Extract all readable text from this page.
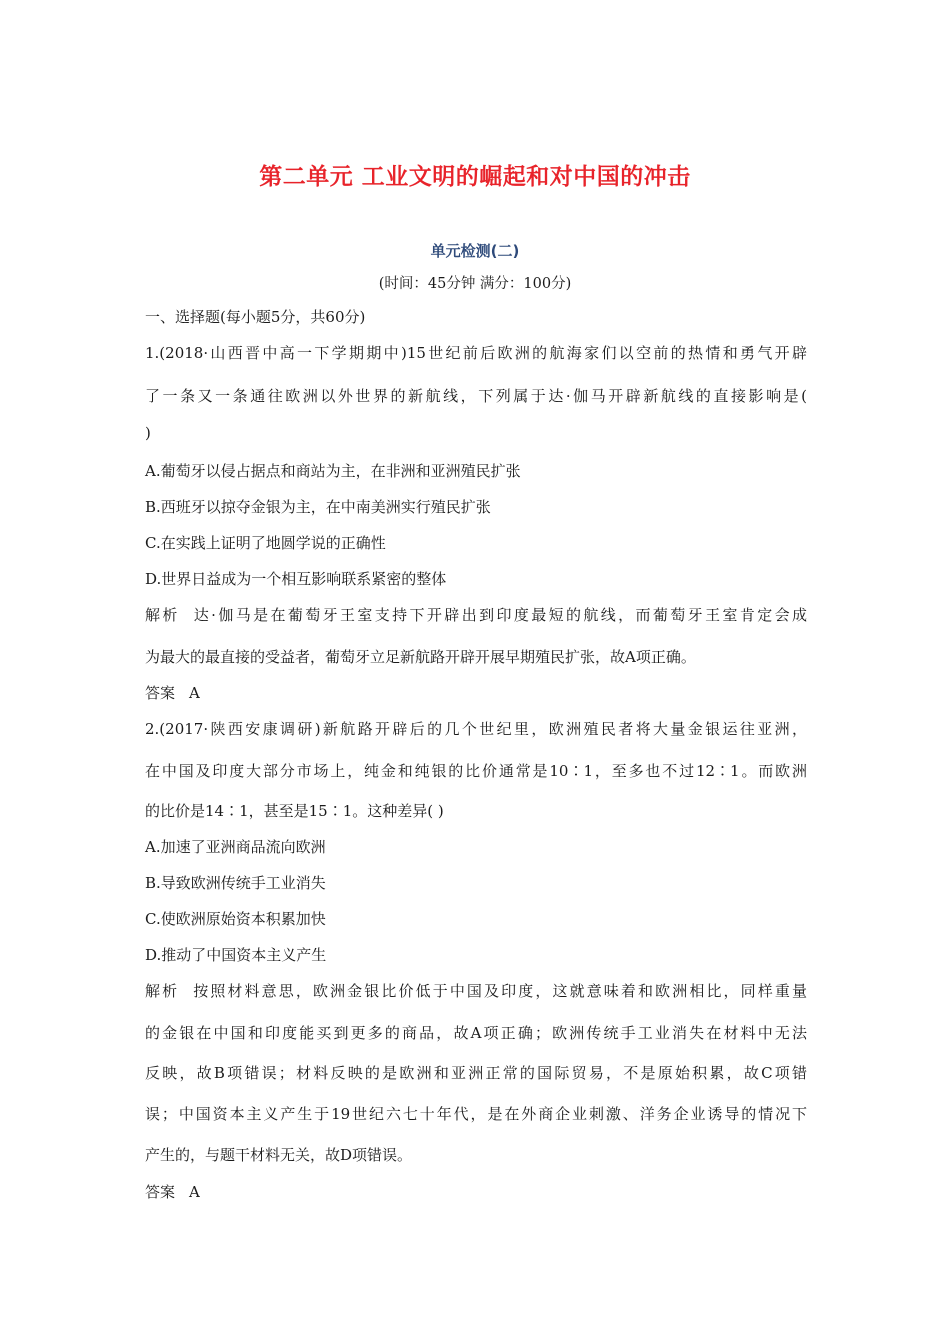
第二单元 工业文明的崛起和对中国的冲击
单元检测(二)
(时间：45分钟 满分：100分)
一、选择题(每小题5分，共60分)
1.(2018·山西晋中高一下学期期中)15世纪前后欧洲的航海家们以空前的热情和勇气开辟
了一条又一条通往欧洲以外世界的新航线，下列属于达·伽马开辟新航线的直接影响是(
)
A.葡萄牙以侵占据点和商站为主，在非洲和亚洲殖民扩张
B.西班牙以掠夺金银为主，在中南美洲实行殖民扩张
C.在实践上证明了地圆学说的正确性
D.世界日益成为一个相互影响联系紧密的整体
解析 达·伽马是在葡萄牙王室支持下开辟出到印度最短的航线，而葡萄牙王室肯定会成
为最大的最直接的受益者，葡萄牙立足新航路开辟开展早期殖民扩张，故A项正确。
答案 A
2.(2017·陕西安康调研)新航路开辟后的几个世纪里，欧洲殖民者将大量金银运往亚洲，
在中国及印度大部分市场上，纯金和纯银的比价通常是10∶1，至多也不过12∶1。而欧洲
的比价是14∶1，甚至是15∶1。这种差异( )
A.加速了亚洲商品流向欧洲
B.导致欧洲传统手工业消失
C.使欧洲原始资本积累加快
D.推动了中国资本主义产生
解析 按照材料意思，欧洲金银比价低于中国及印度，这就意味着和欧洲相比，同样重量
的金银在中国和印度能买到更多的商品，故A项正确；欧洲传统手工业消失在材料中无法
反映，故B项错误；材料反映的是欧洲和亚洲正常的国际贸易，不是原始积累，故C项错
误；中国资本主义产生于19世纪六七十年代，是在外商企业刺激、洋务企业诱导的情况下
产生的，与题干材料无关，故D项错误。
答案 A
